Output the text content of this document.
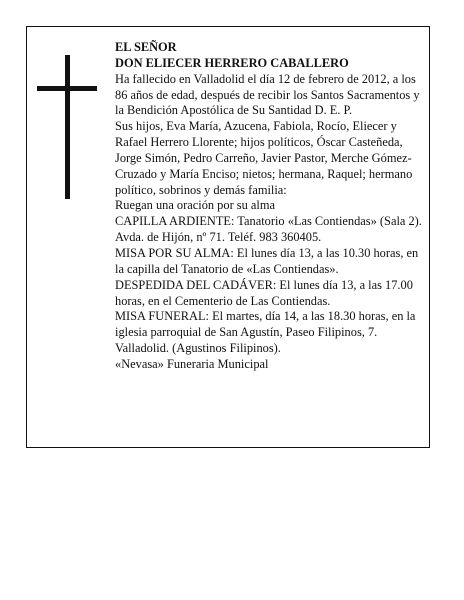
EL SEÑOR

DON ELIECER HERRERO CABALLERO

Ha fallecido en Valladolid el día 12 de febrero de 2012, a los 86 años de edad, después de recibir los Santos Sacramentos y la Bendición Apostólica de Su Santidad D. E. P.

Sus hijos, Eva María, Azucena, Fabiola, Rocío, Eliecer y Rafael Herrero Llorente; hijos políticos, Óscar Casteñeda, Jorge Simón, Pedro Carreño, Javier Pastor, Merche Gómez-Cruzado y María Enciso; nietos; hermana, Raquel; hermano político, sobrinos y demás familia:

Ruegan una oración por su alma

CAPILLA ARDIENTE: Tanatorio «Las Contiendas» (Sala 2). Avda. de Hijón, nº 71. Teléf. 983 360405.

MISA POR SU ALMA: El lunes día 13, a las 10.30 horas, en la capilla del Tanatorio de «Las Contiendas».

DESPEDIDA DEL CADÁVER: El lunes día 13, a las 17.00 horas, en el Cementerio de Las Contiendas.

MISA FUNERAL: El martes, día 14, a las 18.30 horas, en la iglesia parroquial de San Agustín, Paseo Filipinos, 7. Valladolid. (Agustinos Filipinos).

«Nevasa» Funeraria Municipal
